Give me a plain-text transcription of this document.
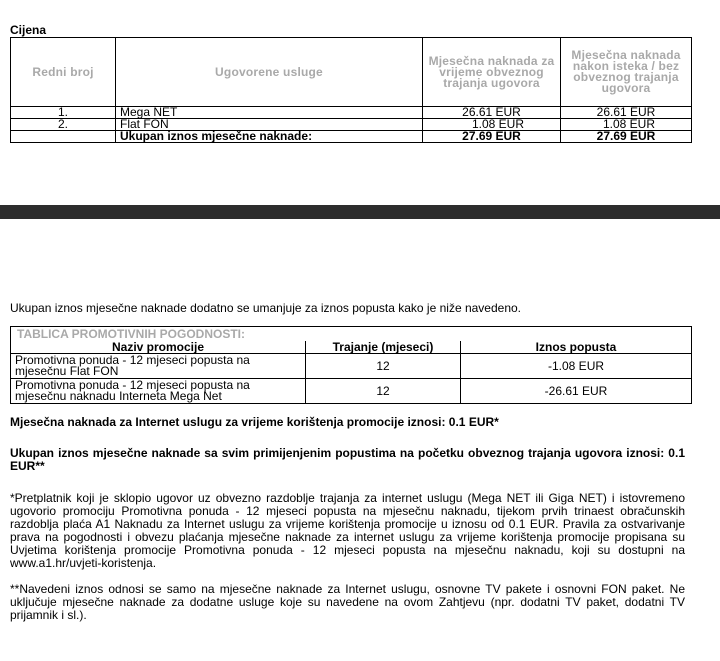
Cijena
Redni broj	Ugovorene usluge	Mjesečna naknada za vrijeme obveznog trajanja ugovora	Mjesečna naknada nakon isteka / bez obveznog trajanja ugovora
1.	Mega NET	26.61 EUR	26.61 EUR
2.	Flat FON	1.08 EUR	1.08 EUR
	Ukupan iznos mjesečne naknade:	27.69 EUR	27.69 EUR
Ukupan iznos mjesečne naknade dodatno se umanjuje za iznos popusta kako je niže navedeno.
TABLICA PROMOTIVNIH POGODNOSTI:		
Naziv promocije	Trajanje (mjeseci)	Iznos popusta
Promotivna ponuda - 12 mjeseci popusta na mjesečnu Flat FON	12	-1.08 EUR
Promotivna ponuda - 12 mjeseci popusta na mjesečnu naknadu Interneta Mega Net	12	-26.61 EUR
Mjesečna naknada za Internet uslugu za vrijeme korištenja promocije iznosi: 0.1 EUR*
Ukupan iznos mjesečne naknade sa svim primijenjenim popustima na početku obveznog trajanja ugovora iznosi: 0.1 EUR**
*Pretplatnik koji je sklopio ugovor uz obvezno razdoblje trajanja za internet uslugu (Mega NET ili Giga NET) i istovremeno ugovorio promociju Promotivna ponuda - 12 mjeseci popusta na mjesečnu naknadu, tijekom prvih trinaest obračunskih razdoblja plaća A1 Naknadu za Internet uslugu za vrijeme korištenja promocije u iznosu od 0.1 EUR. Pravila za ostvarivanje prava na pogodnosti i obvezu plaćanja mjesečne naknade za internet uslugu za vrijeme korištenja promocije propisana su Uvjetima korištenja promocije Promotivna ponuda - 12 mjeseci popusta na mjesečnu naknadu, koji su dostupni na www.a1.hr/uvjeti-koristenja.
**Navedeni iznos odnosi se samo na mjesečne naknade za Internet uslugu, osnovne TV pakete i osnovni FON paket. Ne uključuje mjesečne naknade za dodatne usluge koje su navedene na ovom Zahtjevu (npr. dodatni TV paket, dodatni TV prijamnik i sl.).
